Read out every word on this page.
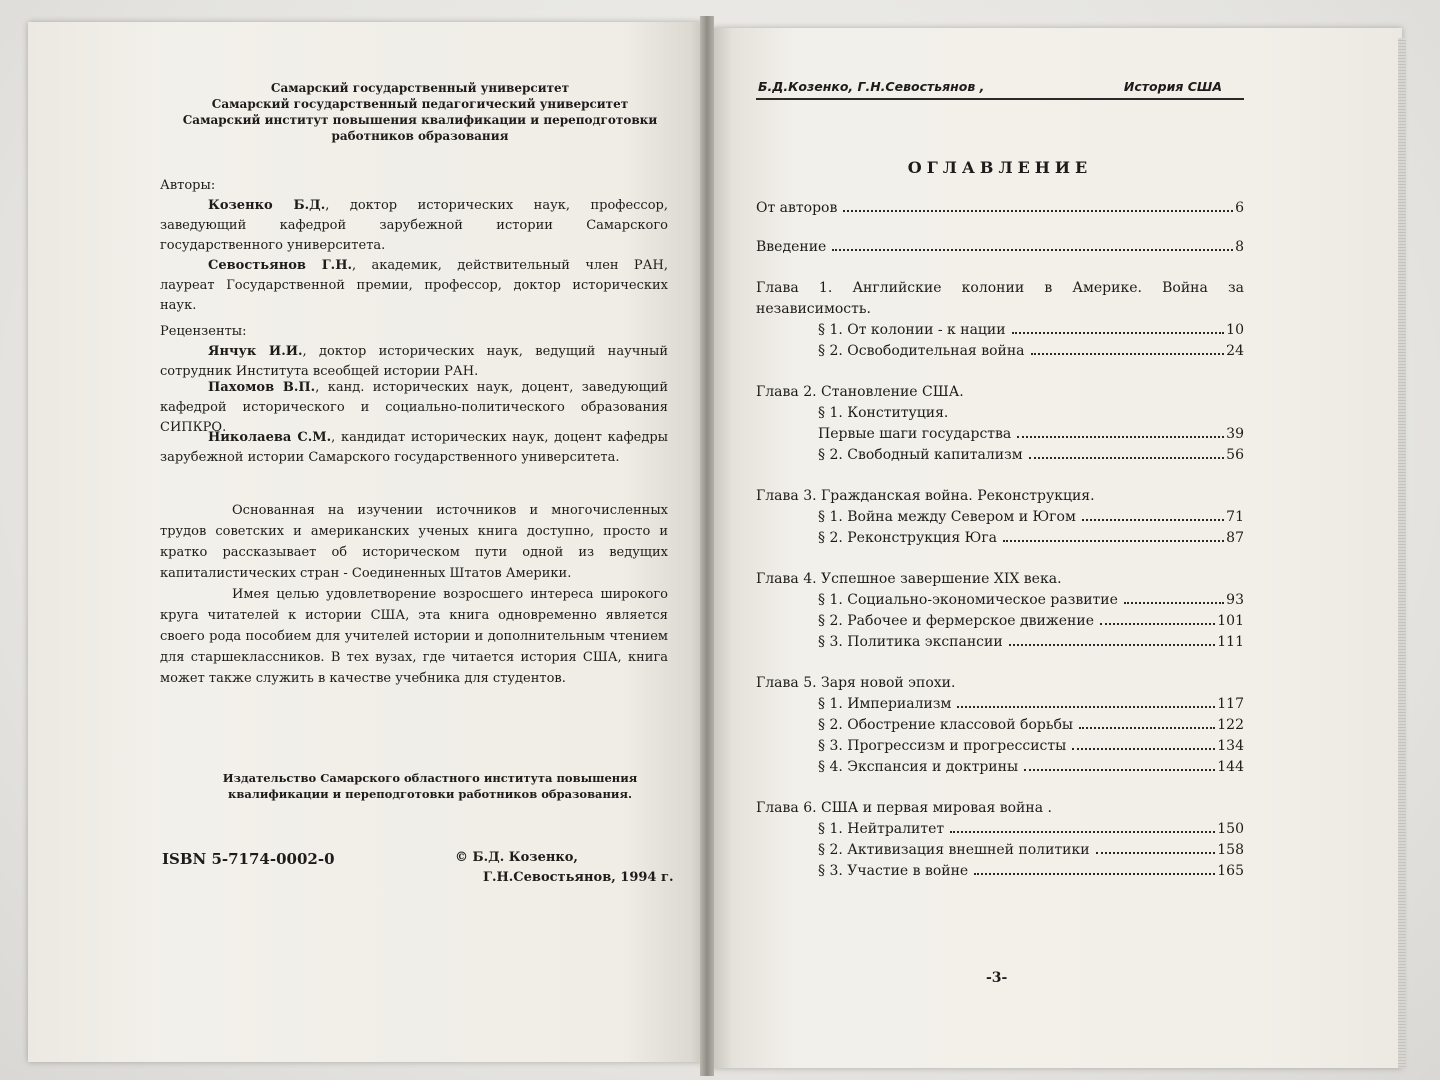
Самарский государственный университет
Самарский государственный педагогический университет
Самарский институт повышения квалификации и переподготовки
работников образования
Авторы:
Козенко Б.Д., доктор исторических наук, профессор, заведующий кафедрой зарубежной истории Самарского государственного университета.
Севостьянов Г.Н., академик, действительный член РАН, лауреат Государственной премии, профессор, доктор исторических наук.
Рецензенты:
Янчук И.И., доктор исторических наук, ведущий научный сотрудник Института всеобщей истории РАН.
Пахомов В.П., канд. исторических наук, доцент, заведующий кафедрой исторического и социально-политического образования СИПКРО.
Николаева С.М., кандидат исторических наук, доцент кафедры зарубежной истории Самарского государственного университета.

Основанная на изучении источников и многочисленных трудов советских и американских ученых книга доступно, просто и кратко рассказывает об историческом пути одной из ведущих капиталистических стран - Соединенных Штатов Америки.

Имея целью удовлетворение возросшего интереса широкого круга читателей к истории США, эта книга одновременно является своего рода пособием для учителей истории и дополнительным чтением для старшеклассников. В тех вузах, где читается история США, книга может также служить в качестве учебника для студентов.

Издательство Самарского областного института повышения
квалификации и переподготовки работников образования.
ISBN 5-7174-0002-0	© Б.Д. Козенко,
Г.Н.Севостьянов, 1994 г.
Б.Д.Козенко, Г.Н.Севостьянов ,	История США
ОГЛАВЛЕНИЕ
От авторов	6
Введение	8
Глава 1. Английские колонии в Америке. Война за независимость.
§ 1. От колонии - к нации	10
§ 2. Освободительная война	24
Глава 2. Становление США.
§ 1. Конституция.
Первые шаги государства	39
§ 2. Свободный капитализм	56
Глава 3. Гражданская война. Реконструкция.
§ 1. Война между Севером и Югом	71
§ 2. Реконструкция Юга	87
Глава 4. Успешное завершение XIX века.
§ 1. Социально-экономическое развитие	93
§ 2. Рабочее и фермерское движение	101
§ 3. Политика экспансии	111
Глава 5. Заря новой эпохи.
§ 1. Империализм	117
§ 2. Обострение классовой борьбы	122
§ 3. Прогрессизм и прогрессисты	134
§ 4. Экспансия и доктрины	144
Глава 6. США и первая мировая война .
§ 1. Нейтралитет	150
§ 2. Активизация внешней политики	158
§ 3. Участие в войне	165
-3-
